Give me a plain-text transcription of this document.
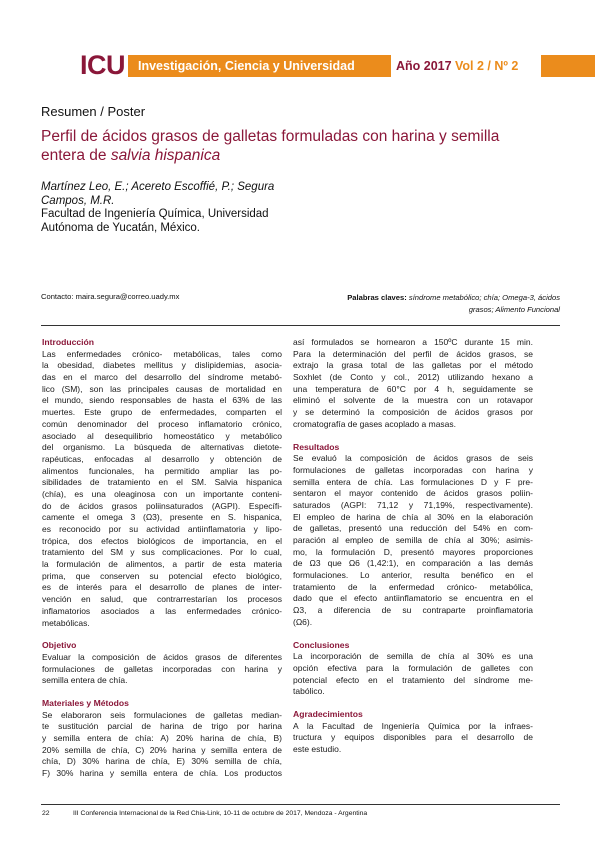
ICU Investigación, Ciencia y Universidad	Año 2017 Vol 2 / Nº 2
Resumen / Poster
Perfil de ácidos grasos de galletas formuladas con harina y semilla
entera de salvia hispanica
Martínez Leo, E.; Acereto Escoffié, P.; Segura
Campos, M.R.
Facultad de Ingeniería Química, Universidad
Autónoma de Yucatán, México.
Contacto: maira.segura@correo.uady.mx	Palabras claves: síndrome metabólico; chía; Omega-3, ácidos
grasos; Alimento Funcional
Introducción
Las enfermedades crónico- metabólicas, tales como
la obesidad, diabetes mellitus y dislipidemias, asocia-
das en el marco del desarrollo del síndrome metabó-
lico (SM), son las principales causas de mortalidad en
el mundo, siendo responsables de hasta el 63% de las
muertes. Este grupo de enfermedades, comparten el
común denominador del proceso inflamatorio crónico,
asociado al desequilibrio homeostático y metabólico
del organismo. La búsqueda de alternativas dietote-
rapéuticas, enfocadas al desarrollo y obtención de
alimentos funcionales, ha permitido ampliar las po-
sibilidades de tratamiento en el SM. Salvia hispanica
(chía), es una oleaginosa con un importante conteni-
do de ácidos grasos poliinsaturados (AGPI). Específi-
camente el omega 3 (Ω3), presente en S. hispanica,
es reconocido por su actividad antiinflamatoria y lipo-
trópica, dos efectos biológicos de importancia, en el
tratamiento del SM y sus complicaciones. Por lo cual,
la formulación de alimentos, a partir de esta materia
prima, que conserven su potencial efecto biológico,
es de interés para el desarrollo de planes de inter-
vención en salud, que contrarrestarían los procesos
inflamatorios asociados a las enfermedades crónico-
metabólicas.
Objetivo
Evaluar la composición de ácidos grasos de diferentes
formulaciones de galletas incorporadas con harina y
semilla entera de chía.
Materiales y Métodos
Se elaboraron seis formulaciones de galletas median-
te sustitución parcial de harina de trigo por harina
y semilla entera de chía: A) 20% harina de chía, B)
20% semilla de chía, C) 20% harina y semilla entera de
chía, D) 30% harina de chía, E) 30% semilla de chía,
F) 30% harina y semilla entera de chía. Los productos
así formulados se hornearon a 150ºC durante 15 min.
Para la determinación del perfil de ácidos grasos, se
extrajo la grasa total de las galletas por el método
Soxhlet (de Conto y col., 2012) utilizando hexano a
una temperatura de 60°C por 4 h, seguidamente se
eliminó el solvente de la muestra con un rotavapor
y se determinó la composición de ácidos grasos por
cromatografía de gases acoplado a masas.
Resultados
Se evaluó la composición de ácidos grasos de seis
formulaciones de galletas incorporadas con harina y
semilla entera de chía. Las formulaciones D y F pre-
sentaron el mayor contenido de ácidos grasos poliin-
saturados (AGPI: 71,12 y 71,19%, respectivamente).
El empleo de harina de chía al 30% en la elaboración
de galletas, presentó una reducción del 54% en com-
paración al empleo de semilla de chía al 30%; asimis-
mo, la formulación D, presentó mayores proporciones
de Ω3 que Ω6 (1,42:1), en comparación a las demás
formulaciones. Lo anterior, resulta benéfico en el
tratamiento de la enfermedad crónico- metabólica,
dado que el efecto antiinflamatorio se encuentra en el
Ω3, a diferencia de su contraparte proinflamatoria
(Ω6).
Conclusiones
La incorporación de semilla de chía al 30% es una
opción efectiva para la formulación de galletes con
potencial efecto en el tratamiento del síndrome me-
tabólico.
Agradecimientos
A la Facultad de Ingeniería Química por la infraes-
tructura y equipos disponibles para el desarrollo de
este estudio.
22	III Conferencia Internacional de la Red Chia-Link, 10-11 de octubre de 2017, Mendoza - Argentina
